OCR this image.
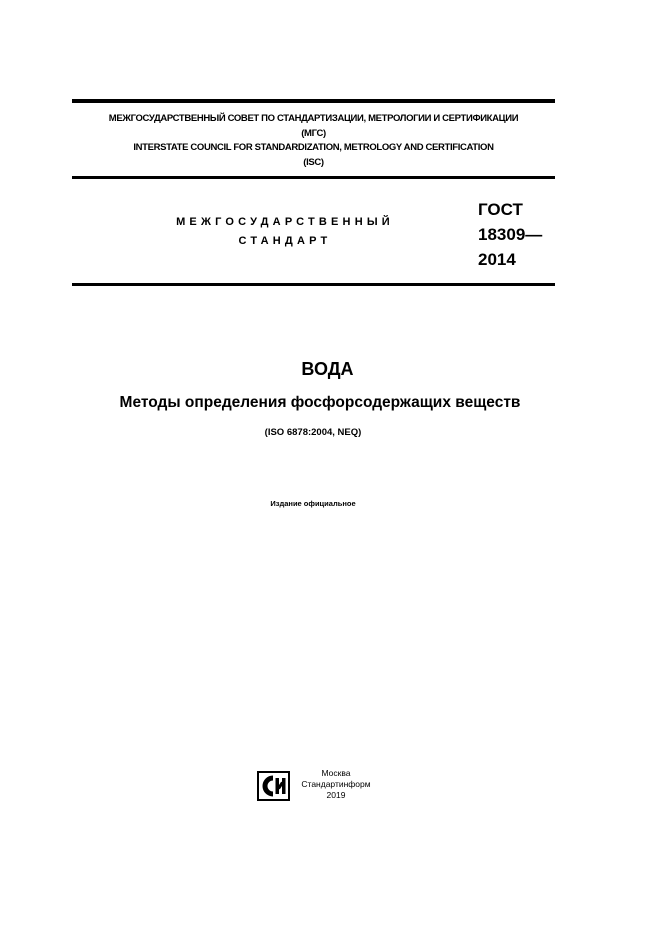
МЕЖГОСУДАРСТВЕННЫЙ СОВЕТ ПО СТАНДАРТИЗАЦИИ, МЕТРОЛОГИИ И СЕРТИФИКАЦИИ
(МГС)
INTERSTATE COUNCIL FOR STANDARDIZATION, METROLOGY AND CERTIFICATION
(ISC)
МЕЖГОСУДАРСТВЕННЫЙ
СТАНДАРТ
ГОСТ
18309—
2014
ВОДА
Методы определения фосфорсодержащих веществ
(ISO 6878:2004, NEQ)
Издание официальное
Москва
Стандартинформ
2019
